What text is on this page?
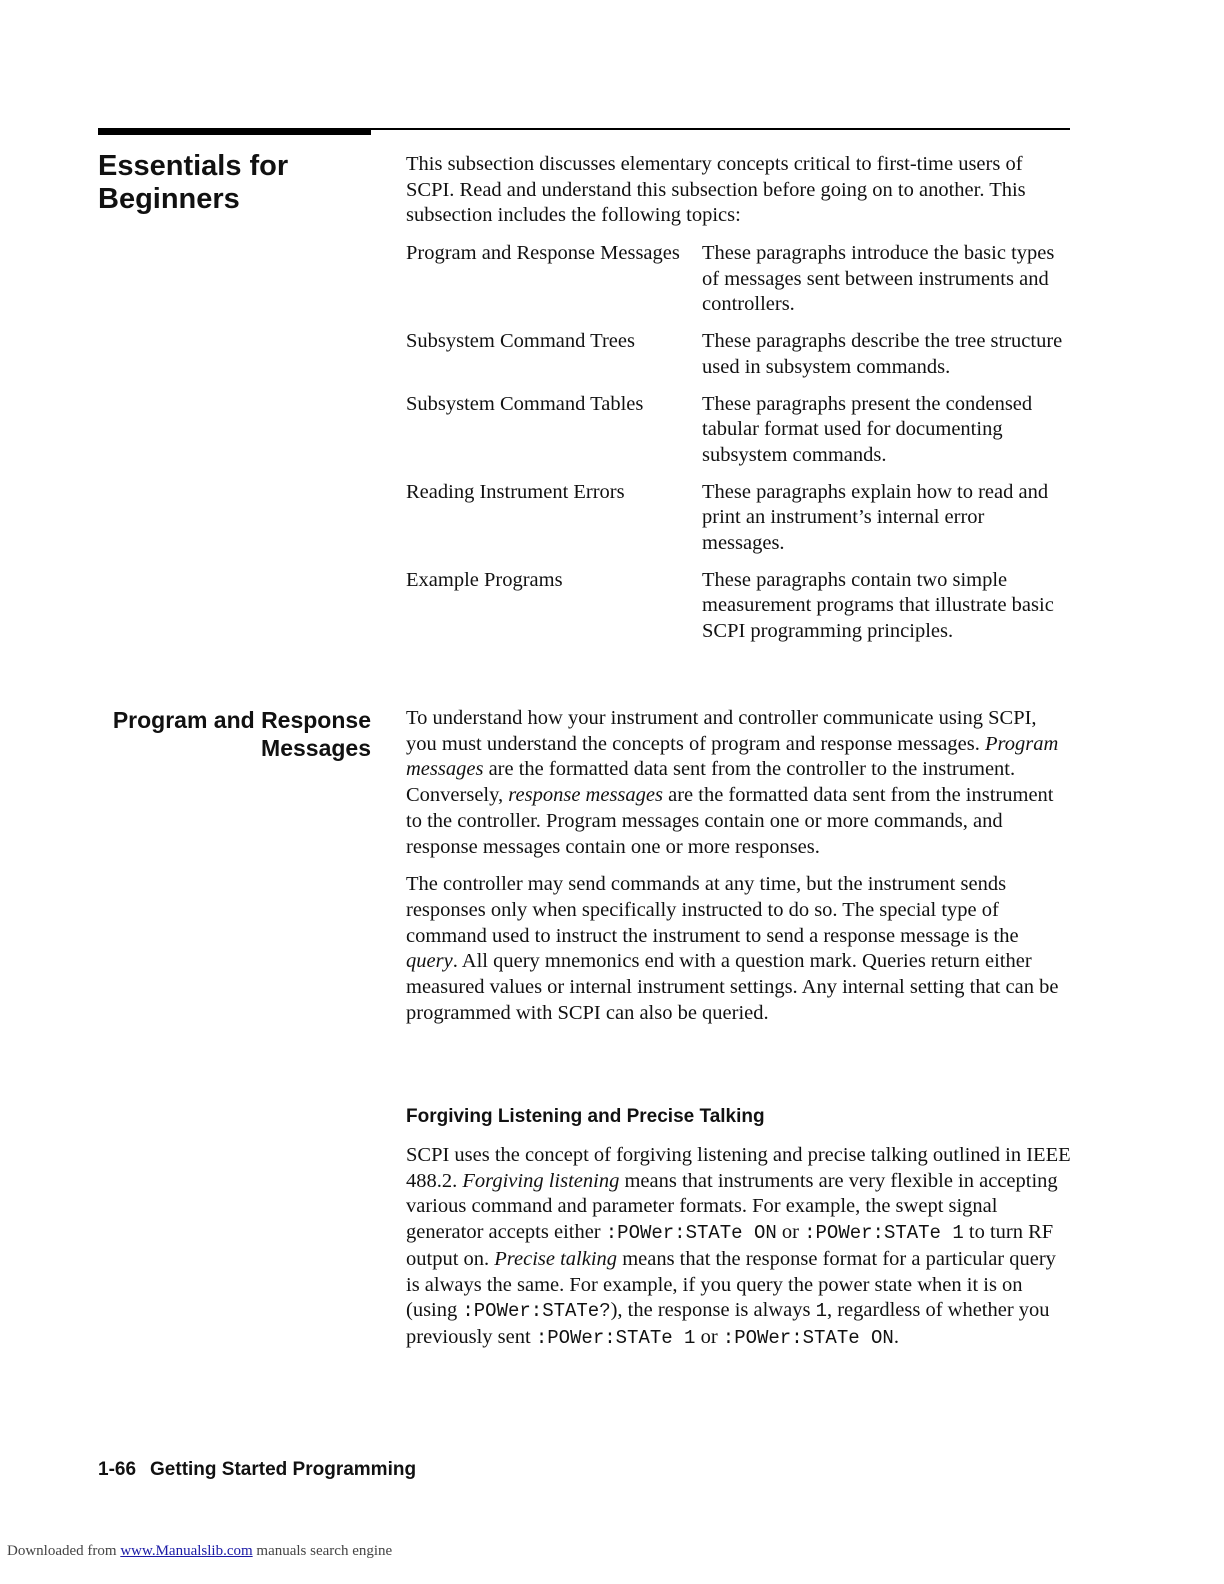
Essentials for Beginners

This subsection discusses elementary concepts critical to first-time users of SCPI. Read and understand this subsection before going on to another. This subsection includes the following topics:

Program and Response Messages	These paragraphs introduce the basic types of messages sent between instruments and controllers.
Subsystem Command Trees	These paragraphs describe the tree structure used in subsystem commands.
Subsystem Command Tables	These paragraphs present the condensed tabular format used for documenting subsystem commands.
Reading Instrument Errors	These paragraphs explain how to read and print an instrument’s internal error messages.
Example Programs	These paragraphs contain two simple measurement programs that illustrate basic SCPI programming principles.
Program and Response Messages

To understand how your instrument and controller communicate using SCPI, you must understand the concepts of program and response messages. Program messages are the formatted data sent from the controller to the instrument. Conversely, response messages are the formatted data sent from the instrument to the controller. Program messages contain one or more commands, and response messages contain one or more responses.

The controller may send commands at any time, but the instrument sends responses only when specifically instructed to do so. The special type of command used to instruct the instrument to send a response message is the query. All query mnemonics end with a question mark. Queries return either measured values or internal instrument settings. Any internal setting that can be programmed with SCPI can also be queried.

Forgiving Listening and Precise Talking

SCPI uses the concept of forgiving listening and precise talking outlined in IEEE 488.2. Forgiving listening means that instruments are very flexible in accepting various command and parameter formats. For example, the swept signal generator accepts either :POWer:STATe ON or :POWer:STATe 1 to turn RF output on. Precise talking means that the response format for a particular query is always the same. For example, if you query the power state when it is on (using :POWer:STATe?), the response is always 1, regardless of whether you previously sent :POWer:STATe 1 or :POWer:STATe ON.

1-66 Getting Started Programming
Downloaded from www.Manualslib.com manuals search engine
